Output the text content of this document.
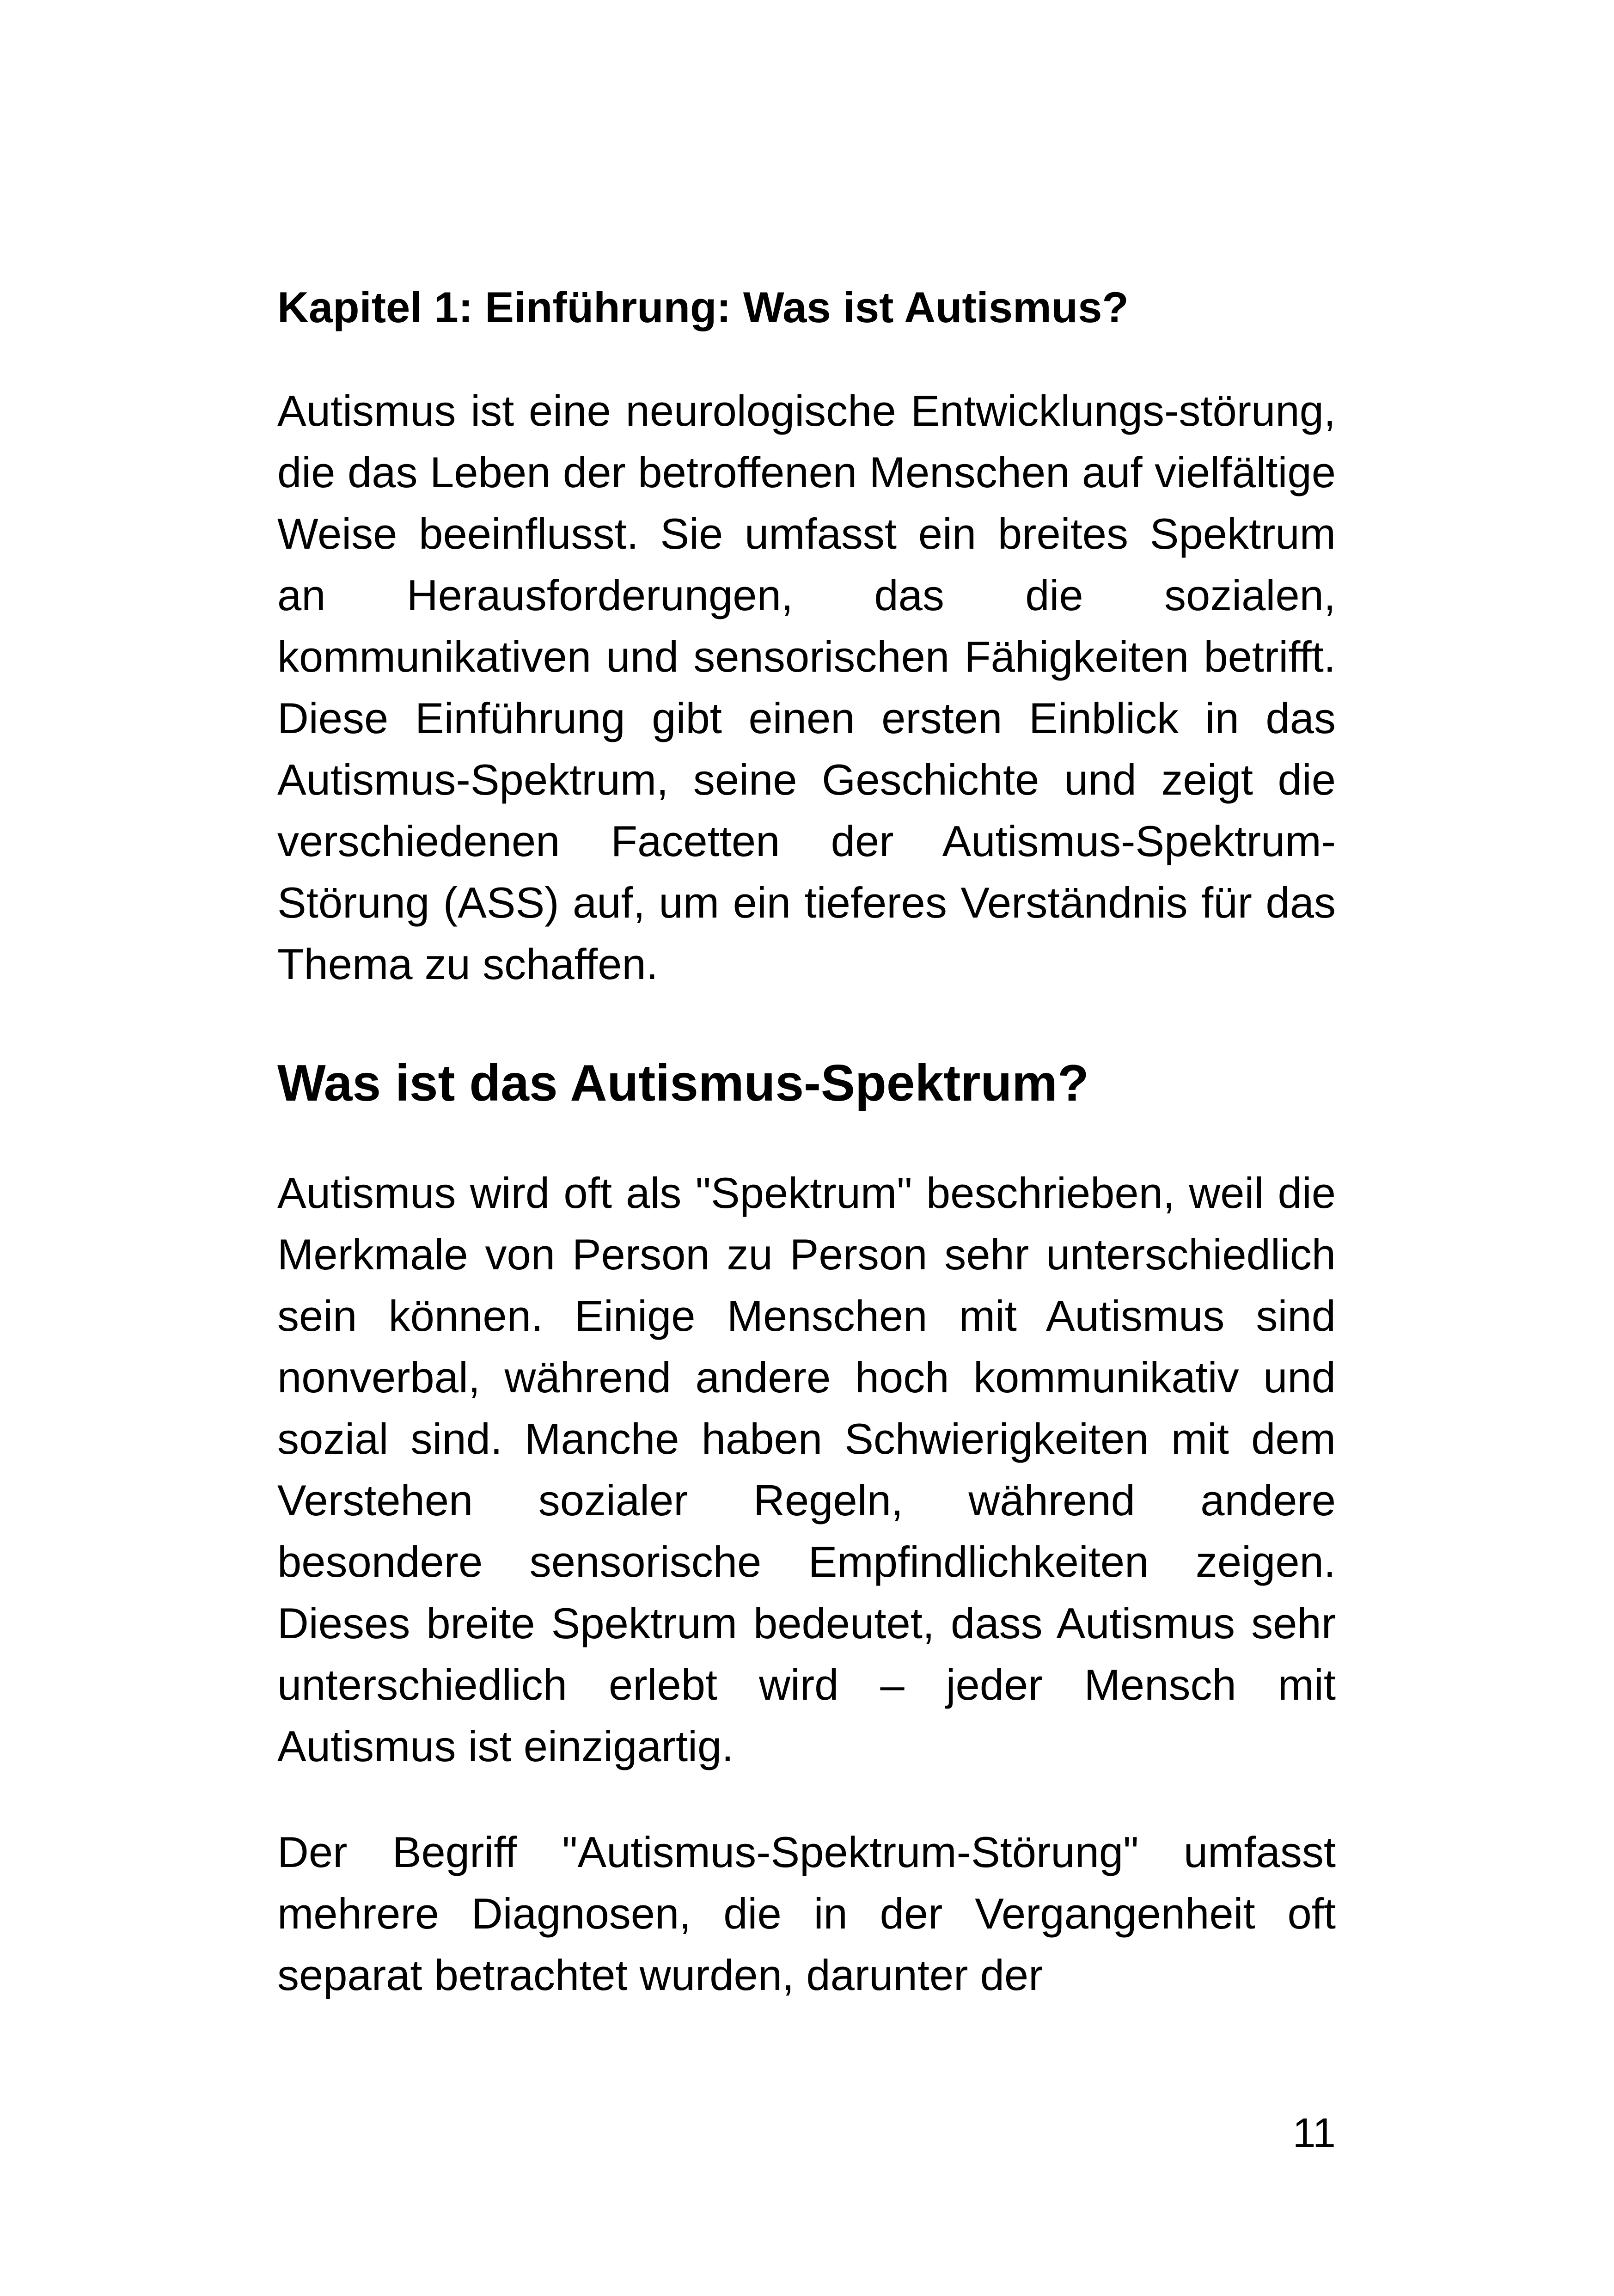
Kapitel 1: Einführung: Was ist Autismus?

Autismus ist eine neurologische Entwicklungs-störung, die das Leben der betroffenen Menschen auf vielfältige Weise beeinflusst. Sie umfasst ein breites Spektrum an Herausforderungen, das die sozialen, kommunikativen und sensorischen Fähigkeiten betrifft. Diese Einführung gibt einen ersten Einblick in das Autismus-Spektrum, seine Geschichte und zeigt die verschiedenen Facetten der Autismus-Spektrum-Störung (ASS) auf, um ein tieferes Verständnis für das Thema zu schaffen.

Was ist das Autismus-Spektrum?

Autismus wird oft als "Spektrum" beschrieben, weil die Merkmale von Person zu Person sehr unterschiedlich sein können. Einige Menschen mit Autismus sind nonverbal, während andere hoch kommunikativ und sozial sind. Manche haben Schwierigkeiten mit dem Verstehen sozialer Regeln, während andere besondere sensorische Empfindlichkeiten zeigen. Dieses breite Spektrum bedeutet, dass Autismus sehr unterschiedlich erlebt wird – jeder Mensch mit Autismus ist einzigartig.

Der Begriff "Autismus-Spektrum-Störung" umfasst mehrere Diagnosen, die in der Vergangenheit oft separat betrachtet wurden, darunter der

11
